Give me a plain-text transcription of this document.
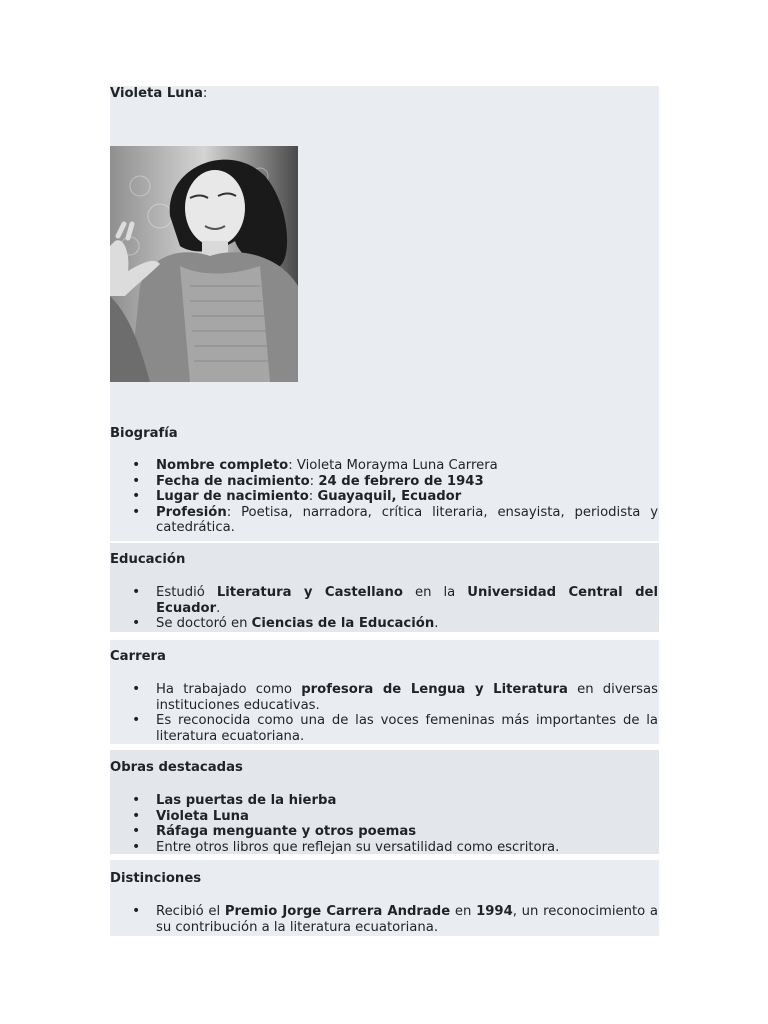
Violeta Luna:
Biografía
• Nombre completo: Violeta Morayma Luna Carrera
• Fecha de nacimiento: 24 de febrero de 1943
• Lugar de nacimiento: Guayaquil, Ecuador
• Profesión: Poetisa, narradora, crítica literaria, ensayista, periodista y catedrática.
Educación
• Estudió Literatura y Castellano en la Universidad Central del Ecuador.
• Se doctoró en Ciencias de la Educación.
Carrera
• Ha trabajado como profesora de Lengua y Literatura en diversas instituciones educativas.
• Es reconocida como una de las voces femeninas más importantes de la literatura ecuatoriana.
Obras destacadas
• Las puertas de la hierba
• Violeta Luna
• Ráfaga menguante y otros poemas
• Entre otros libros que reflejan su versatilidad como escritora.
Distinciones
• Recibió el Premio Jorge Carrera Andrade en 1994, un reconocimiento a su contribución a la literatura ecuatoriana.
